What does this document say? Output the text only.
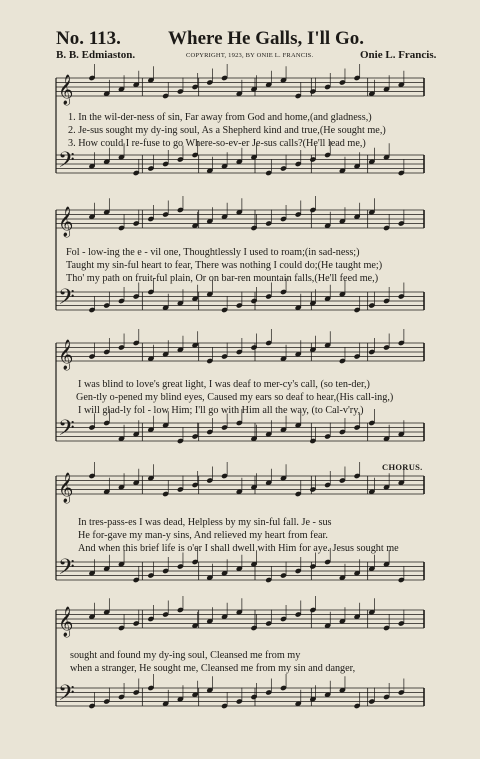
No. 113. Where He Galls, I'll Go.
B. B. Edmiaston.	COPYRIGHT, 1923, BY ONIE L. FRANCIS.	Onie L. Francis.
𝄞
𝄢
𝄞
𝄢
𝄞
𝄢
𝄞
𝄢
𝄞
𝄢
1. In the wil-der-ness of sin, Far away from God and home,(and gladness,)
2. Je-sus sought my dy-ing soul, As a Shepherd kind and true,(He sought me,)
3. How could I re-fuse to go Where-so-ev-er Je-sus calls?(He'll lead me,)
Fol - low-ing the e - vil one, Thoughtlessly I used to roam;(in sad-ness;)
Taught my sin-ful heart to fear, There was nothing I could do;(He taught me;)
Tho' my path on fruit-ful plain, Or on bar-ren mountain falls,(He'll feed me,)
I was blind to love's great light, I was deaf to mer-cy's call, (so ten-der,)
Gen-tly o-pened my blind eyes, Caused my ears so deaf to hear,(His call-ing,)
I will glad-ly fol - low Him; I'll go with Him all the way, (to Cal-v'ry,)
CHORUS.
In tres-pass-es I was dead, Helpless by my sin-ful fall. Je - sus
He for-gave my man-y sins, And relieved my heart from fear.
And when this brief life is o'er I shall dwell with Him for aye. Jesus sought me
sought and found my dy-ing soul, Cleansed me from my
when a stranger, He sought me, Cleansed me from my sin and danger,
